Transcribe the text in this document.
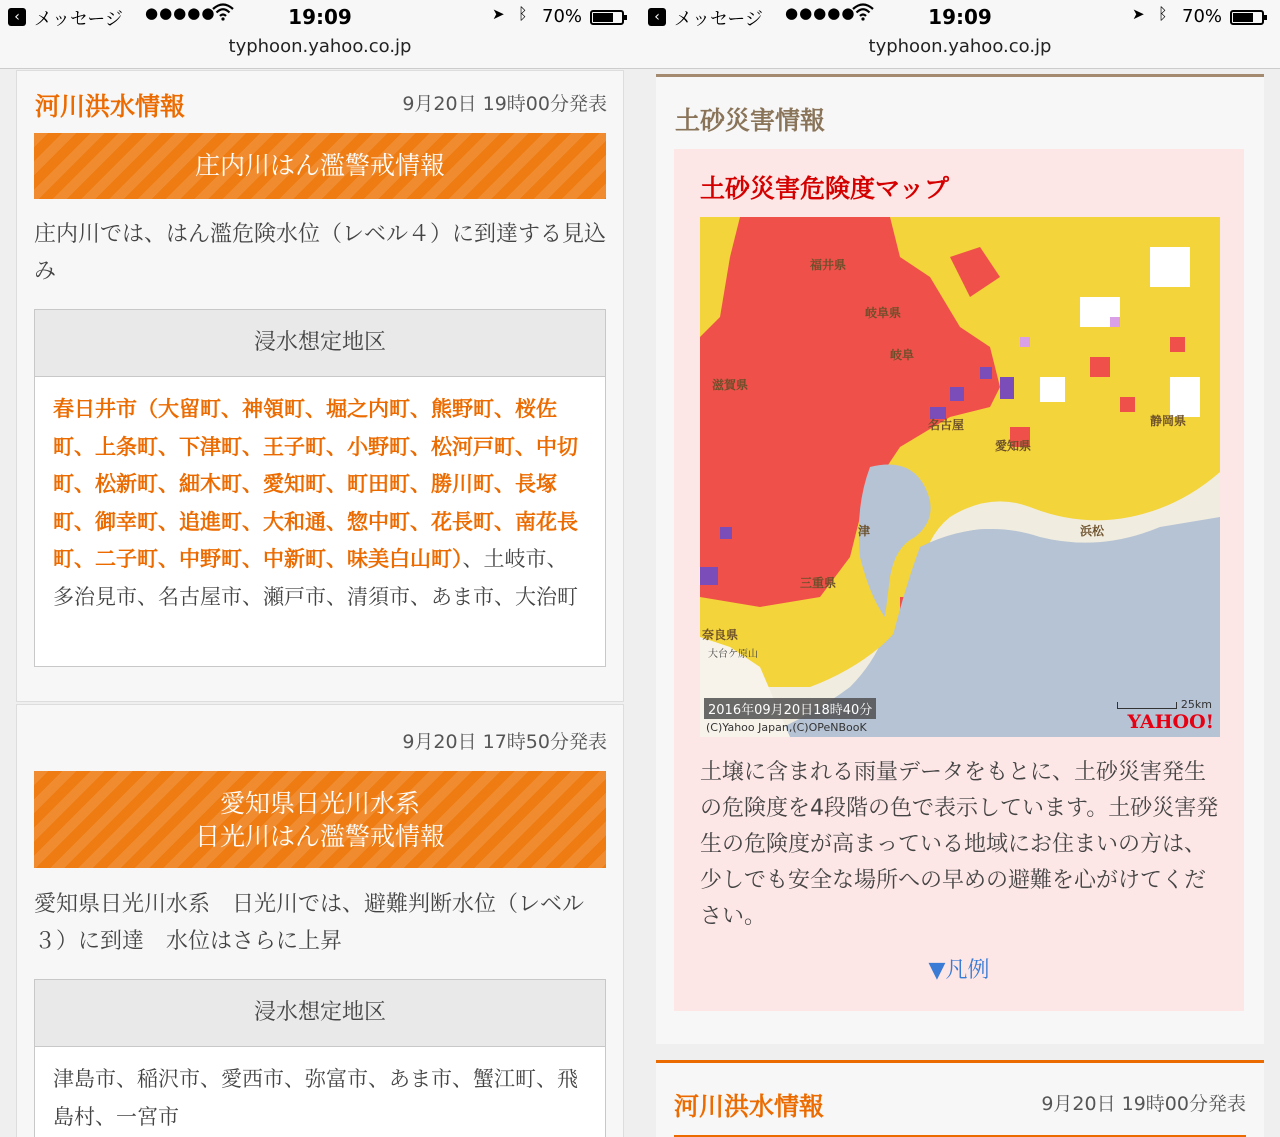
‹ メッセージ ●●●●●	19:09	➤ ᛒ 70%
typhoon.yahoo.co.jp
河川洪水情報	9月20日 19時00分発表
庄内川はん濫警戒情報
庄内川では、はん濫危険水位（レベル４）に到達する見込み
浸水想定地区
春日井市（大留町、神領町、堀之内町、熊野町、桜佐町、上条町、下津町、王子町、小野町、松河戸町、中切町、松新町、細木町、愛知町、町田町、勝川町、長塚町、御幸町、追進町、大和通、惣中町、花長町、南花長町、二子町、中野町、中新町、味美白山町）、土岐市、多治見市、名古屋市、瀬戸市、清須市、あま市、大治町
9月20日 17時50分発表
愛知県日光川水系
日光川はん濫警戒情報
愛知県日光川水系　日光川では、避難判断水位（レベル３）に到達　水位はさらに上昇
浸水想定地区
津島市、稲沢市、愛西市、弥富市、あま市、蟹江町、飛島村、一宮市
‹ メッセージ ●●●●●	19:09	➤ ᛒ 70%
typhoon.yahoo.co.jp
土砂災害情報
土砂災害危険度マップ
福井県
岐阜県
岐阜
滋賀県
名古屋
愛知県
静岡県
三重県
津	浜松
奈良県
大台ケ原山
2016年09月20日18時40分
(C)Yahoo Japan,(C)OPeNBooK
25km
YAHOO!
土壌に含まれる雨量データをもとに、土砂災害発生の危険度を4段階の色で表示しています。土砂災害発生の危険度が高まっている地域にお住まいの方は、少しでも安全な場所への早めの避難を心がけてください。
▼凡例
河川洪水情報	9月20日 19時00分発表
